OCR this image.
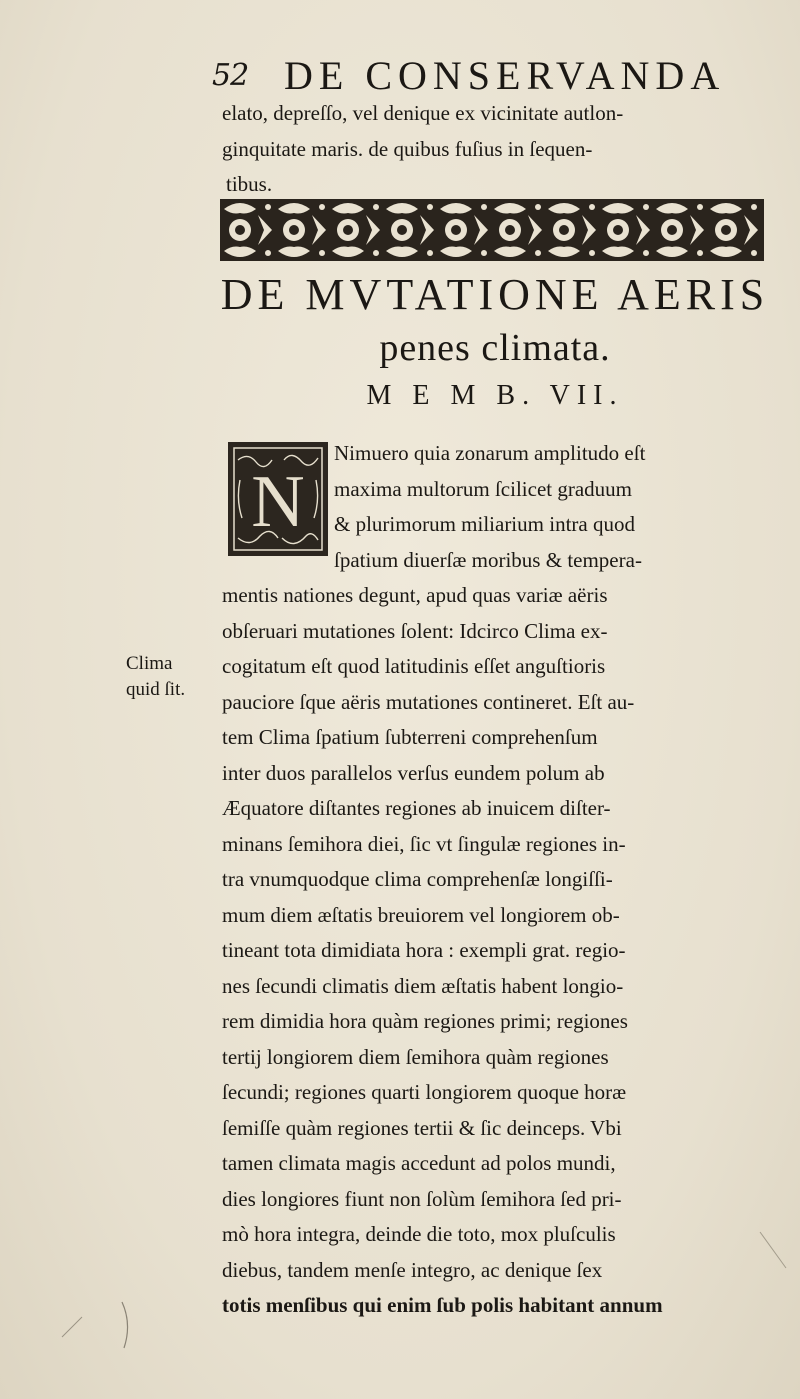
52 DE CONSERVANDA
elato, depreſſo, vel denique ex vicinitate autlon-
ginquitate maris. de quibus fuſius in ſequen-
tibus.
DE MVTATIONE AERIS
penes climata.
M E M B. VII.
N
Nimuero quia zonarum amplitudo eſt
maxima multorum ſcilicet graduum
& plurimorum miliarium intra quod
ſpatium diuerſæ moribus & tempera-
mentis nationes degunt, apud quas variæ aëris
obſeruari mutationes ſolent: Idcirco Clima ex-
cogitatum eſt quod latitudinis eſſet anguſtioris
pauciore ſque aëris mutationes contineret. Eſt au-
tem Clima ſpatium ſubterreni comprehenſum
inter duos parallelos verſus eundem polum ab
Æquatore diſtantes regiones ab inuicem diſter-
minans ſemihora diei, ſic vt ſingulæ regiones in-
tra vnumquodque clima comprehenſæ longiſſi-
mum diem æſtatis breuiorem vel longiorem ob-
tineant tota dimidiata hora : exempli grat. regio-
nes ſecundi climatis diem æſtatis habent longio-
rem dimidia hora quàm regiones primi; regiones
tertij longiorem diem ſemihora quàm regiones
ſecundi; regiones quarti longiorem quoque horæ
ſemiſſe quàm regiones tertii & ſic deinceps. Vbi
tamen climata magis accedunt ad polos mundi,
dies longiores fiunt non ſolùm ſemihora ſed pri-
mò hora integra, deinde die toto, mox pluſculis
diebus, tandem menſe integro, ac denique ſex
totis menſibus qui enim ſub polis habitant annum
Clima
quid ſit.
